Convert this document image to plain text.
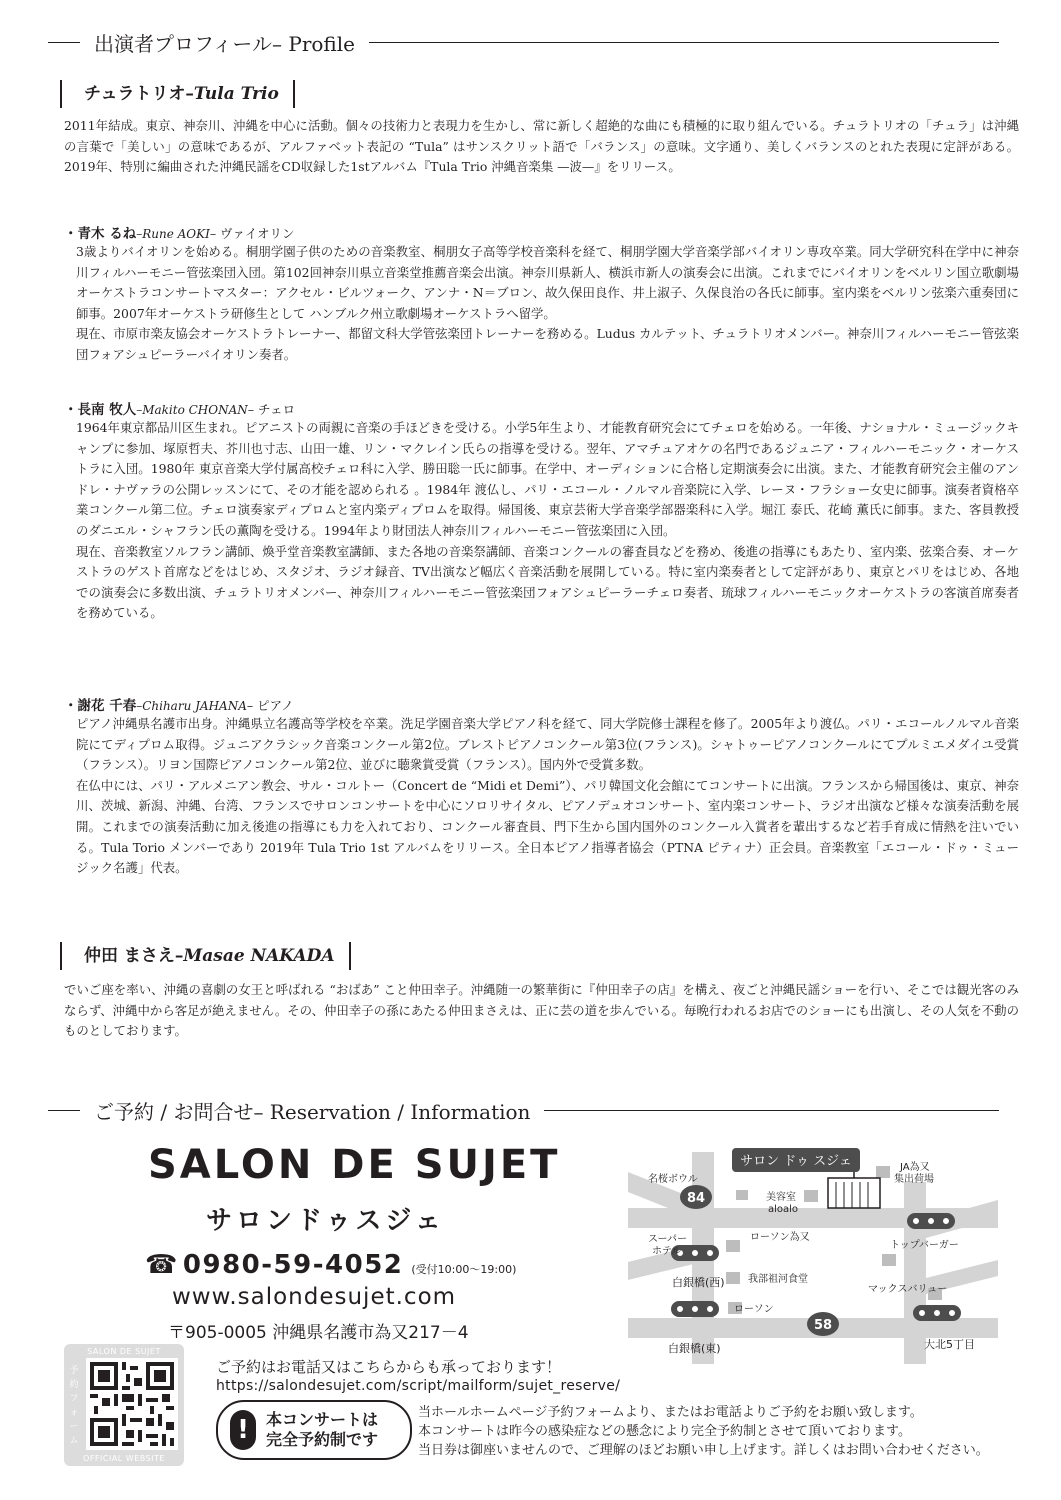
出演者プロフィール– Profile
チュラトリオ–Tula Trio

2011年結成。東京、神奈川、沖縄を中心に活動。個々の技術力と表現力を生かし、常に新しく超絶的な曲にも積極的に取り組んでいる。チュラトリオの「チュラ」は沖縄の言葉で「美しい」の意味であるが、アルファベット表記の “Tula” はサンスクリット語で「バランス」の意味。文字通り、美しくバランスのとれた表現に定評がある。2019年、特別に編曲された沖縄民謡をCD収録した1stアルバム『Tula Trio 沖縄音楽集 —波—』をリリース。

・青木 るね–Rune AOKI– ヴァイオリン

3歳よりバイオリンを始める。桐朋学園子供のための音楽教室、桐朋女子高等学校音楽科を経て、桐朋学園大学音楽学部バイオリン専攻卒業。同大学研究科在学中に神奈川フィルハーモニー管弦楽団入団。第102回神奈川県立音楽堂推薦音楽会出演。神奈川県新人、横浜市新人の演奏会に出演。これまでにバイオリンをベルリン国立歌劇場オーケストラコンサートマスター：アクセル・ビルツォーク、アンナ・N＝ブロン、故久保田良作、井上淑子、久保良治の各氏に師事。室内楽をベルリン弦楽六重奏団に師事。2007年オーケストラ研修生として ハンブルク州立歌劇場オーケストラへ留学。

現在、市原市楽友協会オーケストラトレーナー、都留文科大学管弦楽団トレーナーを務める。Ludus カルテット、チュラトリオメンバー。神奈川フィルハーモニー管弦楽団フォアシュピーラーバイオリン奏者。

・長南 牧人–Makito CHONAN– チェロ

1964年東京都品川区生まれ。ピアニストの両親に音楽の手ほどきを受ける。小学5年生より、才能教育研究会にてチェロを始める。一年後、ナショナル・ミュージックキャンプに参加、塚原哲夫、芥川也寸志、山田一雄、リン・マクレイン氏らの指導を受ける。翌年、アマチュアオケの名門であるジュニア・フィルハーモニック・オーケストラに入団。1980年 東京音楽大学付属高校チェロ科に入学、勝田聡一氏に師事。在学中、オーディションに合格し定期演奏会に出演。また、才能教育研究会主催のアンドレ・ナヴァラの公開レッスンにて、その才能を認められる 。1984年 渡仏し、パリ・エコール・ノルマル音楽院に入学、レーヌ・フラショー女史に師事。演奏者資格卒業コンクール第二位。チェロ演奏家ディプロムと室内楽ディプロムを取得。帰国後、東京芸術大学音楽学部器楽科に入学。堀江 泰氏、花崎 薫氏に師事。また、客員教授のダニエル・シャフラン氏の薫陶を受ける。1994年より財団法人神奈川フィルハーモニー管弦楽団に入団。

現在、音楽教室ソルフラン講師、煥乎堂音楽教室講師、また各地の音楽祭講師、音楽コンクールの審査員などを務め、後進の指導にもあたり、室内楽、弦楽合奏、オーケストラのゲスト首席などをはじめ、スタジオ、ラジオ録音、TV出演など幅広く音楽活動を展開している。特に室内楽奏者として定評があり、東京とパリをはじめ、各地での演奏会に多数出演、チュラトリオメンバー、神奈川フィルハーモニー管弦楽団フォアシュピーラーチェロ奏者、琉球フィルハーモニックオーケストラの客演首席奏者を務めている。

・謝花 千春–Chiharu JAHANA– ピアノ

ピアノ沖縄県名護市出身。沖縄県立名護高等学校を卒業。洗足学園音楽大学ピアノ科を経て、同大学院修士課程を修了。2005年より渡仏。パリ・エコールノルマル音楽院にてディプロム取得。ジュニアクラシック音楽コンクール第2位。ブレストピアノコンクール第3位(フランス)。シャトゥーピアノコンクールにてプルミエメダイユ受賞（フランス）。リヨン国際ピアノコンクール第2位、並びに聴衆賞受賞（フランス）。国内外で受賞多数。

在仏中には、パリ・アルメニアン教会、サル・コルトー（Concert de “Midi et Demi”）、パリ韓国文化会館にてコンサートに出演。フランスから帰国後は、東京、神奈川、茨城、新潟、沖縄、台湾、フランスでサロンコンサートを中心にソロリサイタル、ピアノデュオコンサート、室内楽コンサート、ラジオ出演など様々な演奏活動を展開。これまでの演奏活動に加え後進の指導にも力を入れており、コンクール審査員、門下生から国内国外のコンクール入賞者を輩出するなど若手育成に情熱を注いでいる。Tula Torio メンバーであり 2019年 Tula Trio 1st アルバムをリリース。全日本ピアノ指導者協会（PTNA ピティナ）正会員。音楽教室「エコール・ドゥ・ミュージック名護」代表。

仲田 まさえ–Masae NAKADA

でいご座を率い、沖縄の喜劇の女王と呼ばれる “おばあ” こと仲田幸子。沖縄随一の繁華街に『仲田幸子の店』を構え、夜ごと沖縄民謡ショーを行い、そこでは観光客のみならず、沖縄中から客足が絶えません。その、仲田幸子の孫にあたる仲田まさえは、正に芸の道を歩んでいる。毎晩行われるお店でのショーにも出演し、その人気を不動のものとしております。

ご予約 / お問合せ– Reservation / Information
SALON DE SUJET
サロンドゥスジェ
☎ 0980-59-4052 (受付10:00〜19:00)
www.salondesujet.com
〒905-0005 沖縄県名護市為又217－4
SALON DE SUJET
予約フォーム
OFFICIAL WEBSITE
ご予約はお電話又はこちらからも承っております！
https://salondesujet.com/script/mailform/sujet_reserve/
!	本コンサートは
完全予約制です

当ホールホームページ予約フォームより、またはお電話よりご予約をお願い致します。

本コンサートは昨今の感染症などの懸念により完全予約制とさせて頂いております。

当日券は御座いませんので、ご理解のほどお願い申し上げます。詳しくはお問い合わせください。

サロン ドゥ スジェ
84
58
名桜ボウル
JA為又
集出荷場
美容室
aloalo
スーパー
ホテル
ローソン為又
トップバーガー
白銀橋(西) 我部祖河食堂
マックスバリュー
ローソン
白銀橋(東)	大北5丁目
